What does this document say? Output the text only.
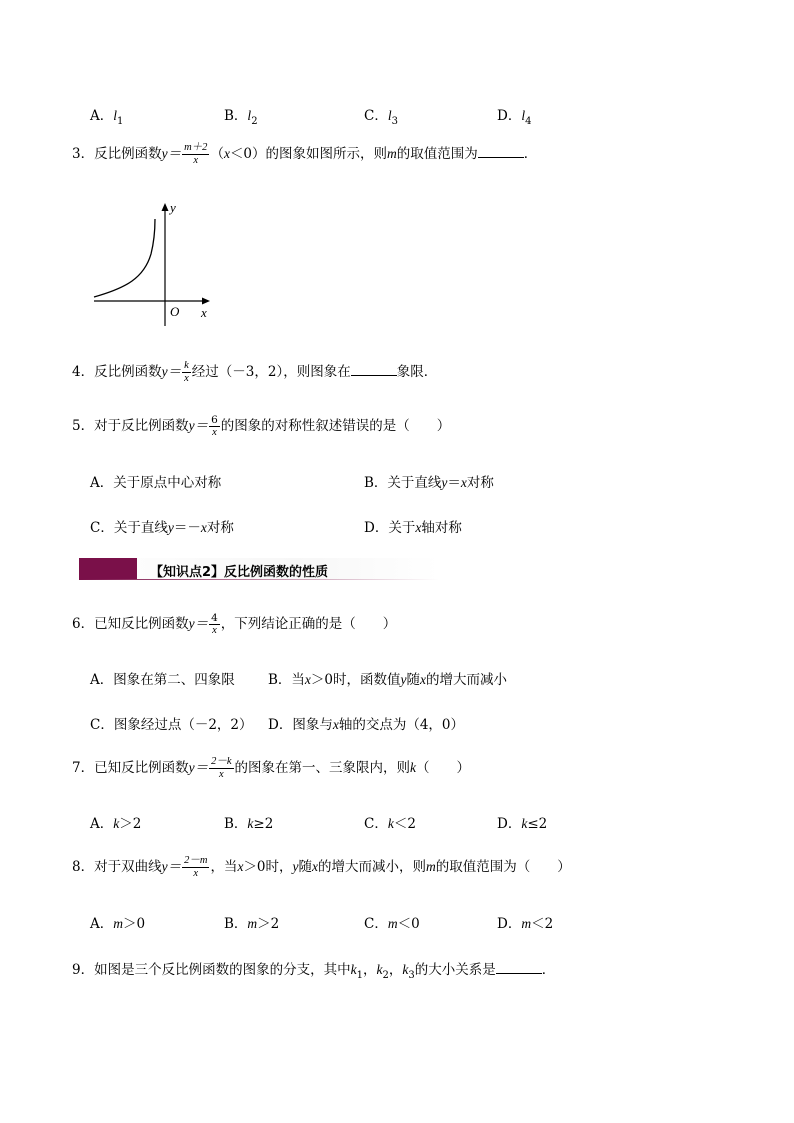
A．$l_1$	B．$l_2$	C．$l_3$	D．$l_4$
3．反比例函数$y= \frac{m+2}{x} (x<0)$的图象如图所示，则m的取值范围为	．
y
x
O
4．反比例函数$y= \frac{k}{x}$ 经过（－3，2），则图象在	象限．
5．对于反比例函数$y= \frac{6}{x}$ 的图象的对称性叙述错误的是（　　）
A．关于原点中心对称	B．关于直线y＝x对称
C．关于直线y＝－x对称	D．关于x轴对称
【知识点2】反比例函数的性质
6．已知反比例函数$y= \frac{4}{x}$ ，下列结论正确的是（　　）
A．图象在第二、四象限 B．当x＞0时，函数值y随x的增大而减小
C．图象经过点（－2，2） D．图象与x轴的交点为（4，0）
7．已知反比例函数$y= \frac{2-k}{x}$ 的图象在第一、三象限内，则k（　　）
A．k＞2	B．k≥2	C．k＜2	D．k≤2
8．对于双曲线$y= \frac{2-m}{x}$ ，当x＞0时，y随x的增大而减小，则m的取值范围为（　　）
A．m＞0	B．m＞2	C．m＜0	D．m＜2
9．如图是三个反比例函数的图象的分支，其中$k_1$，$k_2$，$k_3$的大小关系是	．
